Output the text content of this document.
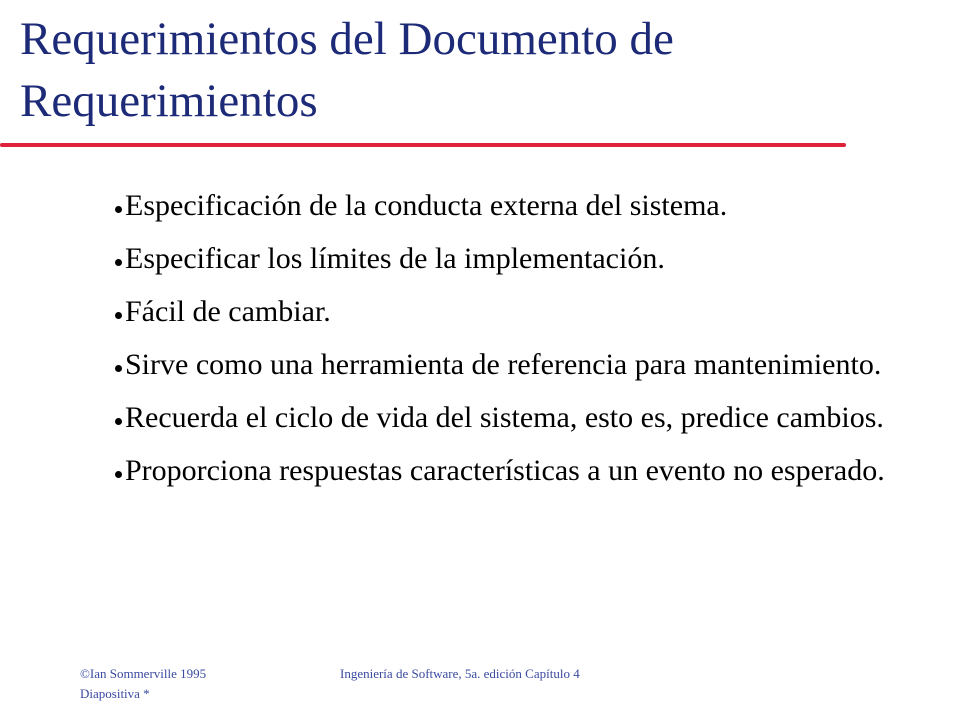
Requerimientos del Documento de
Requerimientos
Especificación de la conducta externa del sistema.
Especificar los límites de la implementación.
Fácil de cambiar.
Sirve como una herramienta de referencia para mantenimiento.
Recuerda el ciclo de vida del sistema, esto es, predice cambios.
Proporciona respuestas características a un evento no esperado.
©Ian Sommerville 1995
Diapositiva *
Ingeniería de Software, 5a. edición Capítulo 4
